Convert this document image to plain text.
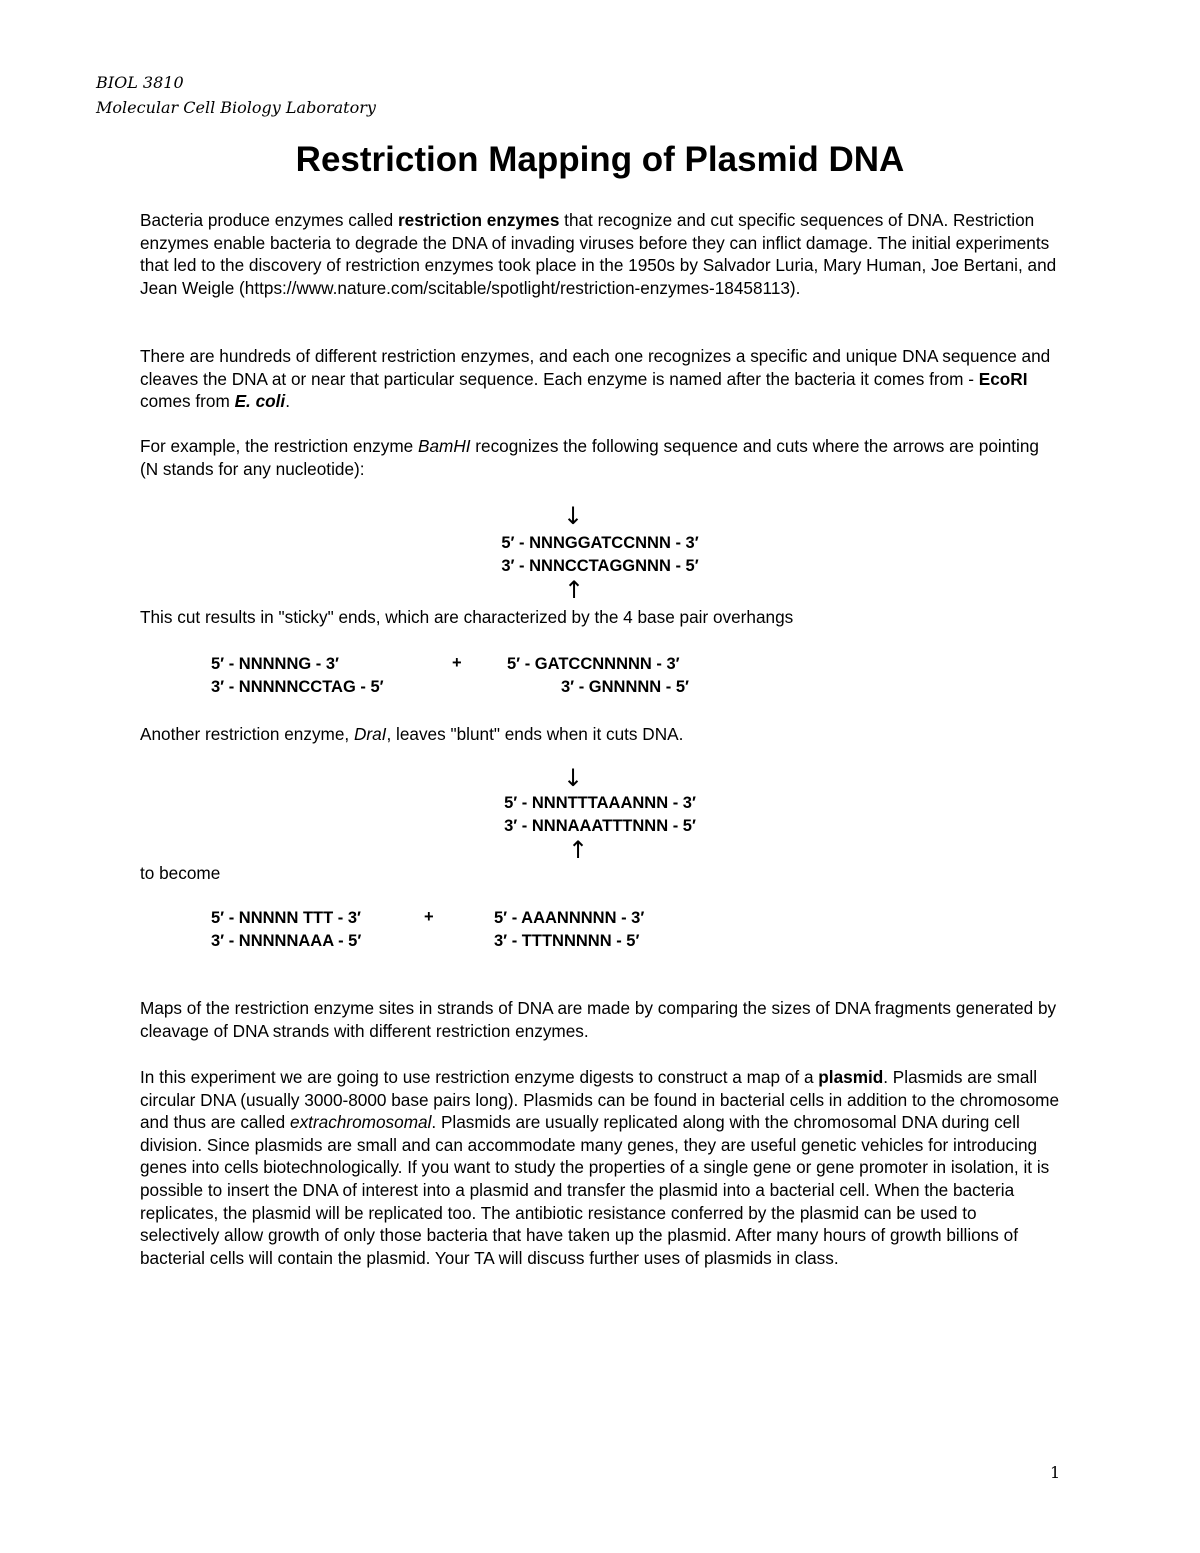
BIOL 3810
Molecular Cell Biology Laboratory
Restriction Mapping of Plasmid DNA

Bacteria produce enzymes called restriction enzymes that recognize and cut specific sequences of DNA. Restriction enzymes enable bacteria to degrade the DNA of invading viruses before they can inflict damage. The initial experiments that led to the discovery of restriction enzymes took place in the 1950s by Salvador Luria, Mary Human, Joe Bertani, and Jean Weigle (https://www.nature.com/scitable/spotlight/restriction-enzymes-18458113).

There are hundreds of different restriction enzymes, and each one recognizes a specific and unique DNA sequence and cleaves the DNA at or near that particular sequence. Each enzyme is named after the bacteria it comes from - EcoRI comes from E. coli.

For example, the restriction enzyme BamHI recognizes the following sequence and cuts where the arrows are pointing (N stands for any nucleotide):

↓
5′ - NNNGGATCCNNN - 3′
3′ - NNNCCTAGGNNN - 5′
↑

This cut results in "sticky" ends, which are characterized by the 4 base pair overhangs

5′ - NNNNNG - 3′
3′ - NNNNNCCTAG - 5′
+	5′ - GATCCNNNNN - 3′
3′ - GNNNNN - 5′

Another restriction enzyme, DraI, leaves "blunt" ends when it cuts DNA.

↓
5′ - NNNTTTAAANNN - 3′
3′ - NNNAAATTTNNN - 5′
↑

to become

5′ - NNNNN TTT - 3′
3′ - NNNNNAAA - 5′
+	5′ - AAANNNNN - 3′
3′ - TTTNNNNN - 5′

Maps of the restriction enzyme sites in strands of DNA are made by comparing the sizes of DNA fragments generated by cleavage of DNA strands with different restriction enzymes.

In this experiment we are going to use restriction enzyme digests to construct a map of a plasmid. Plasmids are small circular DNA (usually 3000-8000 base pairs long). Plasmids can be found in bacterial cells in addition to the chromosome and thus are called extrachromosomal. Plasmids are usually replicated along with the chromosomal DNA during cell division. Since plasmids are small and can accommodate many genes, they are useful genetic vehicles for introducing genes into cells biotechnologically. If you want to study the properties of a single gene or gene promoter in isolation, it is possible to insert the DNA of interest into a plasmid and transfer the plasmid into a bacterial cell. When the bacteria replicates, the plasmid will be replicated too. The antibiotic resistance conferred by the plasmid can be used to selectively allow growth of only those bacteria that have taken up the plasmid. After many hours of growth billions of bacterial cells will contain the plasmid. Your TA will discuss further uses of plasmids in class.

1
